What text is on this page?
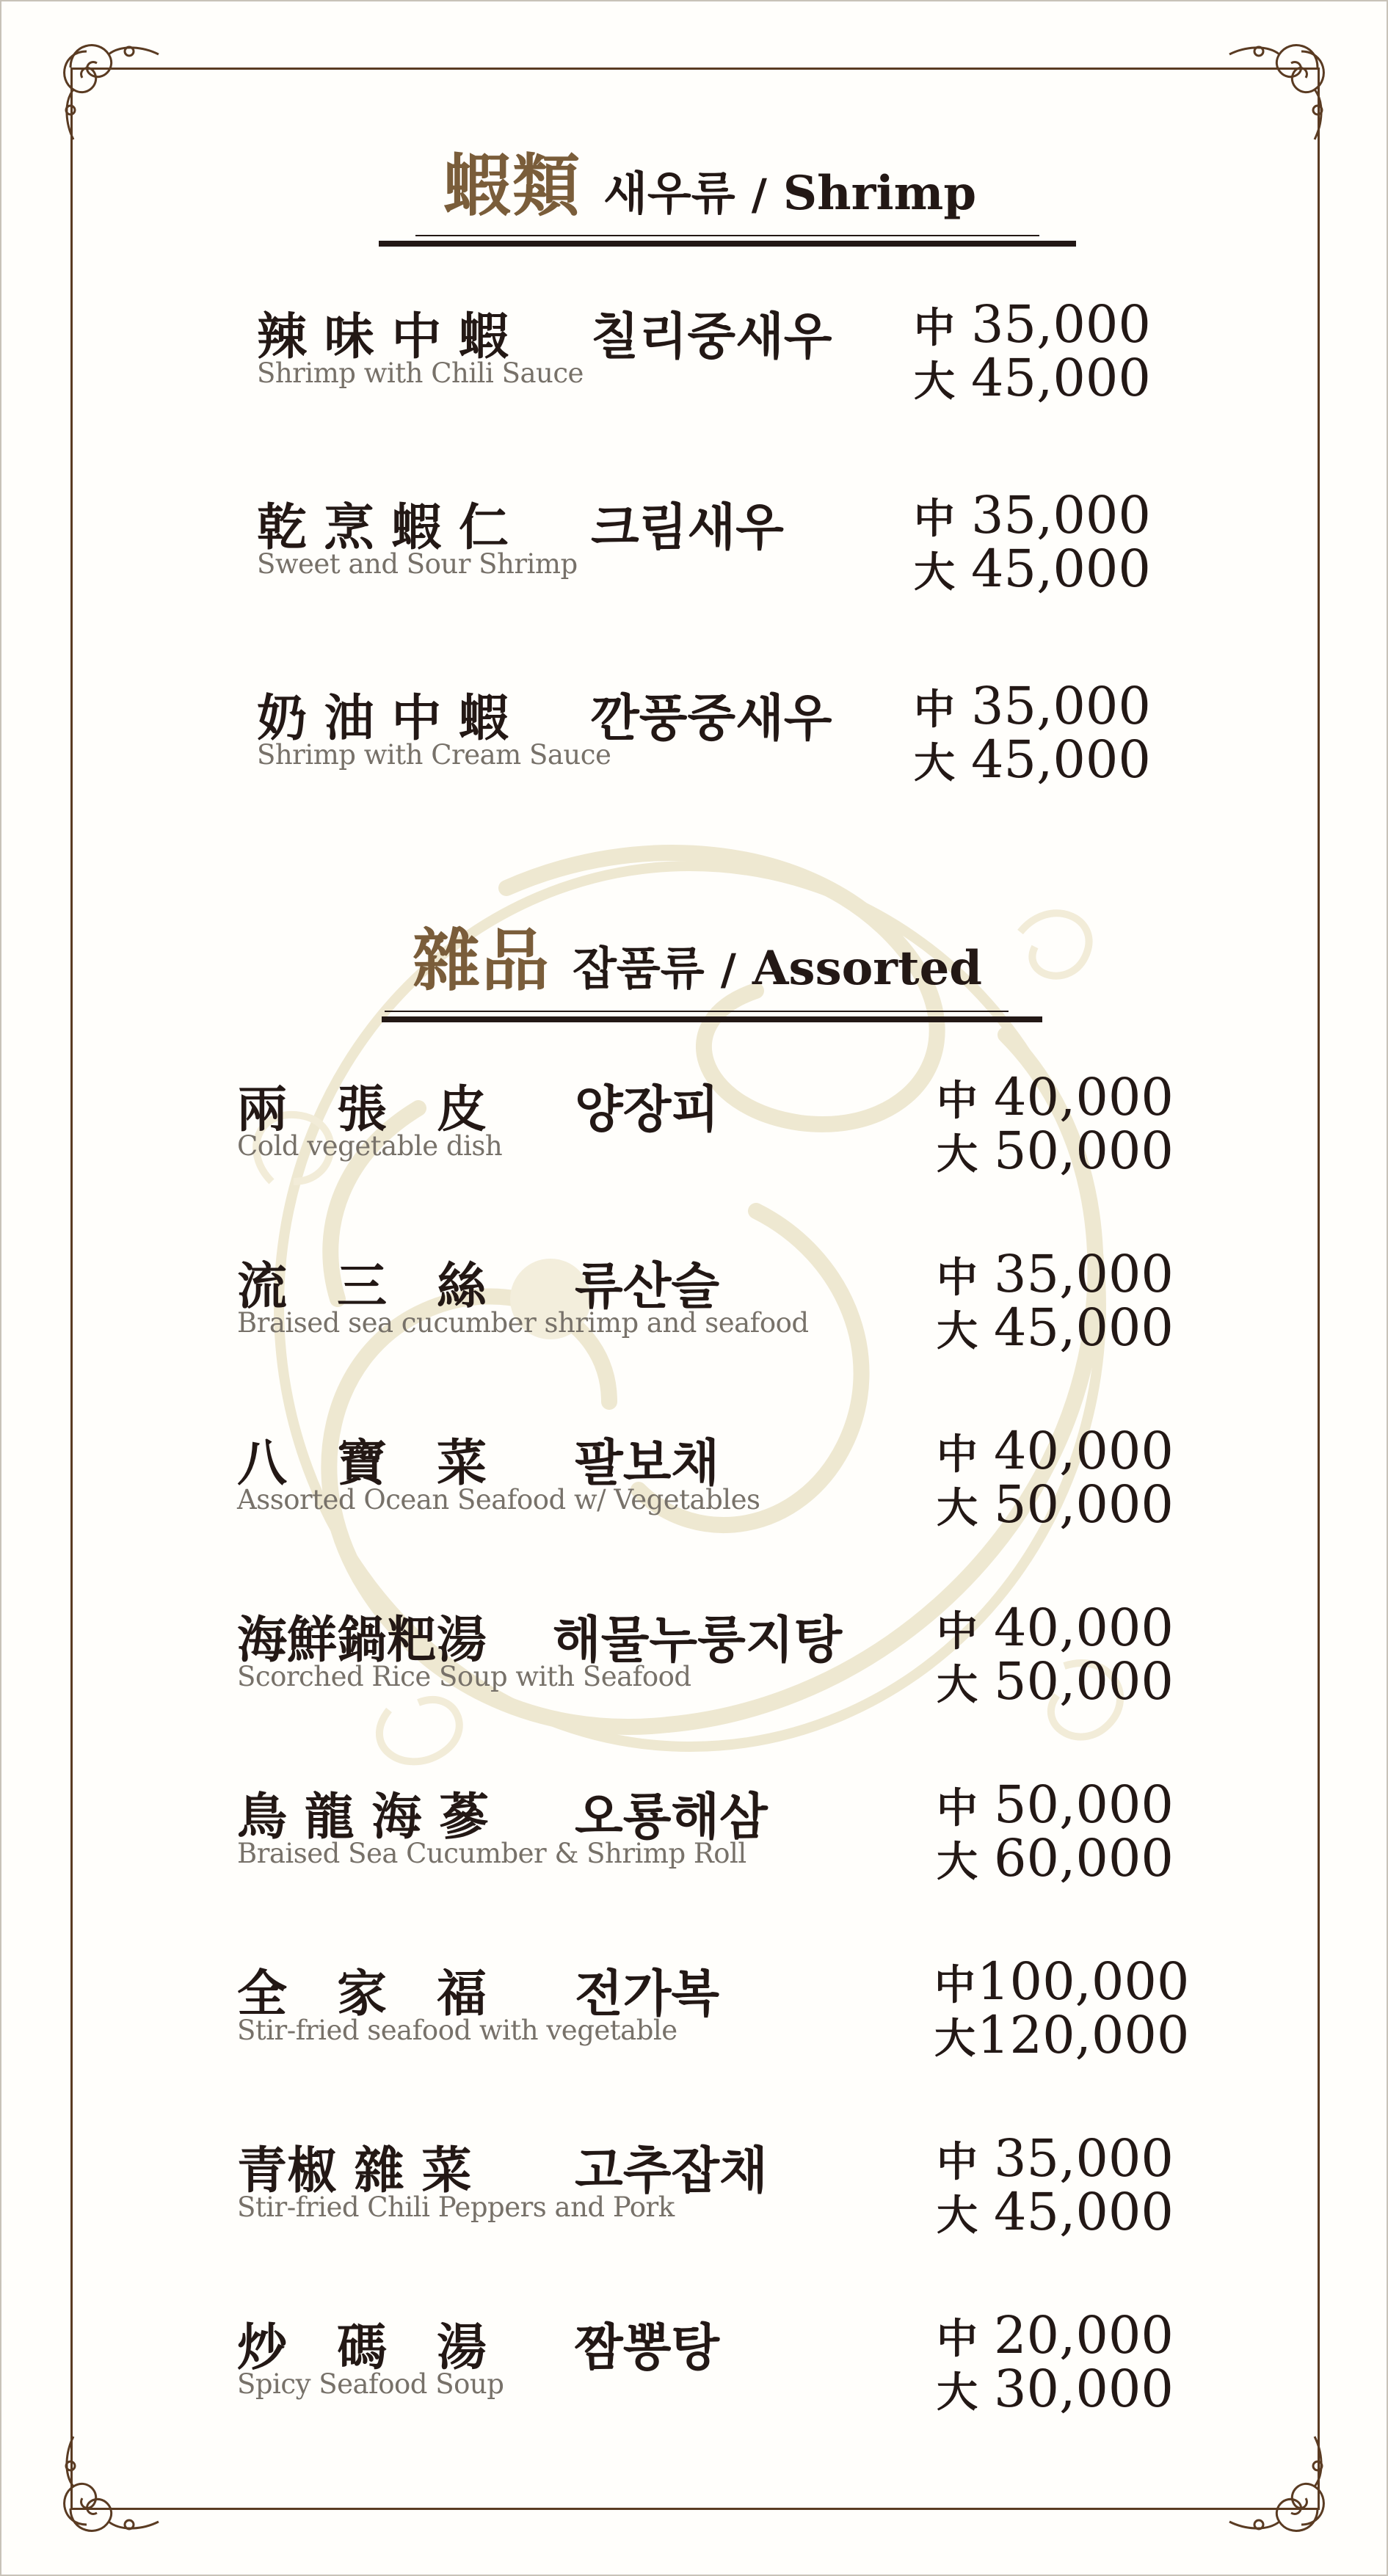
蝦類 새우류 / Shrimp
雜品 잡품류 / Assorted
辣 味 中 蝦 칠리중새우
Shrimp with Chili Sauce
中 35,000
大 45,000
乾 烹 蝦 仁 크림새우
Sweet and Sour Shrimp
中 35,000
大 45,000
奶 油 中 蝦 깐풍중새우
Shrimp with Cream Sauce
中 35,000
大 45,000
兩　張　皮 양장피
Cold vegetable dish
中 40,000
大 50,000
流　三　絲 류산슬
Braised sea cucumber shrimp and seafood
中 35,000
大 45,000
八　寶　菜 팔보채
Assorted Ocean Seafood w/ Vegetables
中 40,000
大 50,000
海鮮鍋粑湯 해물누룽지탕
Scorched Rice Soup with Seafood
中 40,000
大 50,000
鳥 龍 海 蔘 오룡해삼
Braised Sea Cucumber & Shrimp Roll
中 50,000
大 60,000
全　家　福 전가복
Stir-fried seafood with vegetable
中100,000
大120,000
青椒 雜 菜 고추잡채
Stir-fried Chili Peppers and Pork
中 35,000
大 45,000
炒　碼　湯 짬뽕탕
Spicy Seafood Soup
中 20,000
大 30,000
